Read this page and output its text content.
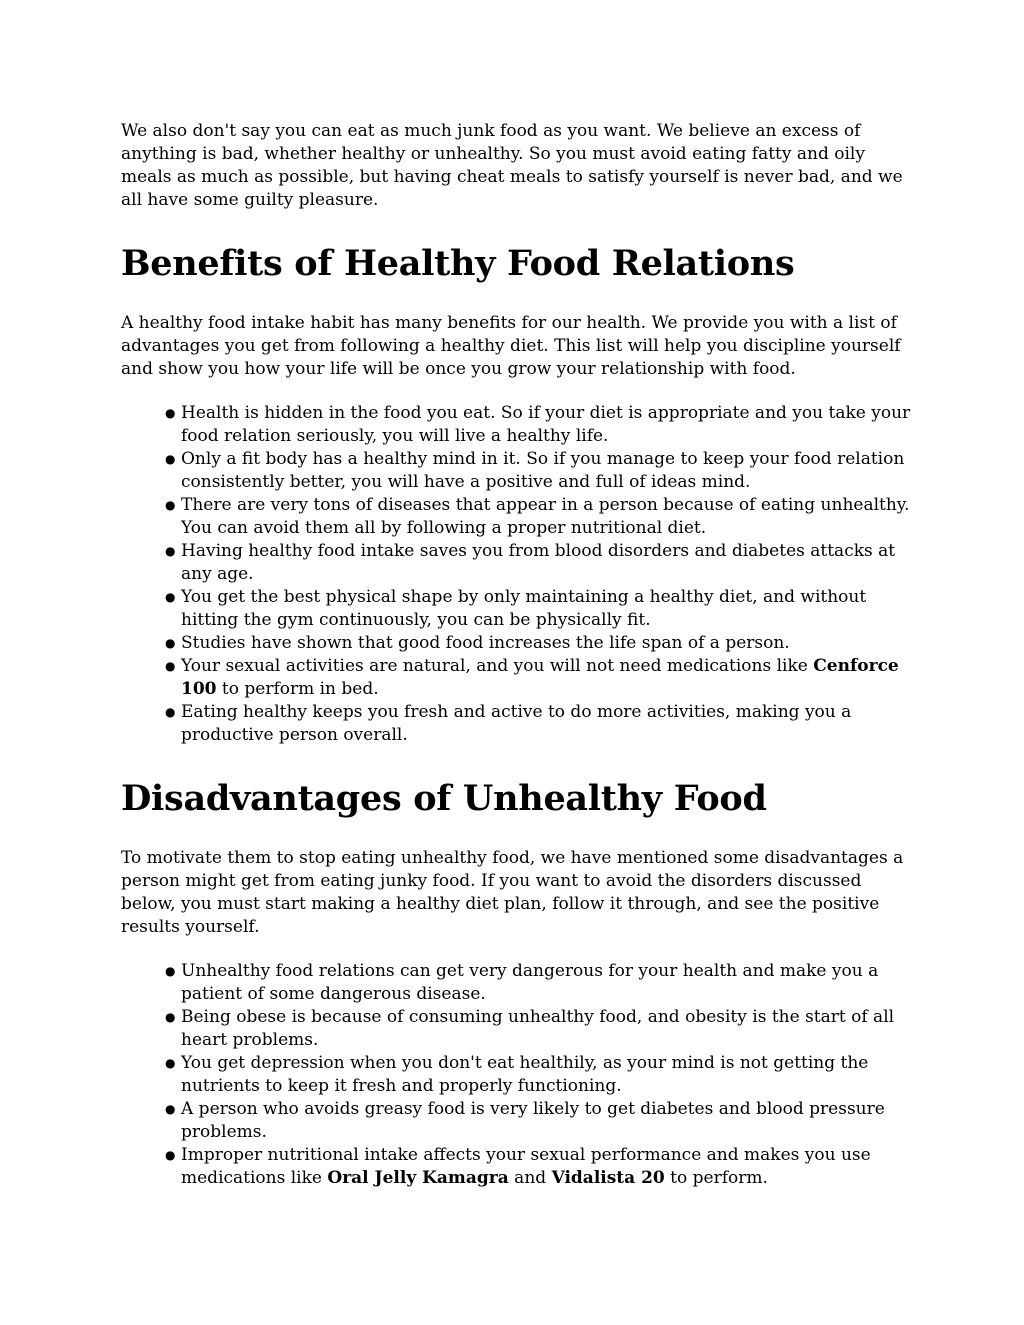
We also don't say you can eat as much junk food as you want. We believe an excess of anything is bad, whether healthy or unhealthy. So you must avoid eating fatty and oily meals as much as possible, but having cheat meals to satisfy yourself is never bad, and we all have some guilty pleasure.

Benefits of Healthy Food Relations

A healthy food intake habit has many benefits for our health. We provide you with a list of advantages you get from following a healthy diet. This list will help you discipline yourself and show you how your life will be once you grow your relationship with food.

● Health is hidden in the food you eat. So if your diet is appropriate and you take your food relation seriously, you will live a healthy life.
● Only a fit body has a healthy mind in it. So if you manage to keep your food relation consistently better, you will have a positive and full of ideas mind.
● There are very tons of diseases that appear in a person because of eating unhealthy. You can avoid them all by following a proper nutritional diet.
● Having healthy food intake saves you from blood disorders and diabetes attacks at any age.
● You get the best physical shape by only maintaining a healthy diet, and without hitting the gym continuously, you can be physically fit.
● Studies have shown that good food increases the life span of a person.
● Your sexual activities are natural, and you will not need medications like Cenforce 100 to perform in bed.
● Eating healthy keeps you fresh and active to do more activities, making you a productive person overall.
Disadvantages of Unhealthy Food

To motivate them to stop eating unhealthy food, we have mentioned some disadvantages a person might get from eating junky food. If you want to avoid the disorders discussed below, you must start making a healthy diet plan, follow it through, and see the positive results yourself.

● Unhealthy food relations can get very dangerous for your health and make you a patient of some dangerous disease.
● Being obese is because of consuming unhealthy food, and obesity is the start of all heart problems.
● You get depression when you don't eat healthily, as your mind is not getting the nutrients to keep it fresh and properly functioning.
● A person who avoids greasy food is very likely to get diabetes and blood pressure problems.
● Improper nutritional intake affects your sexual performance and makes you use medications like Oral Jelly Kamagra and Vidalista 20 to perform.
